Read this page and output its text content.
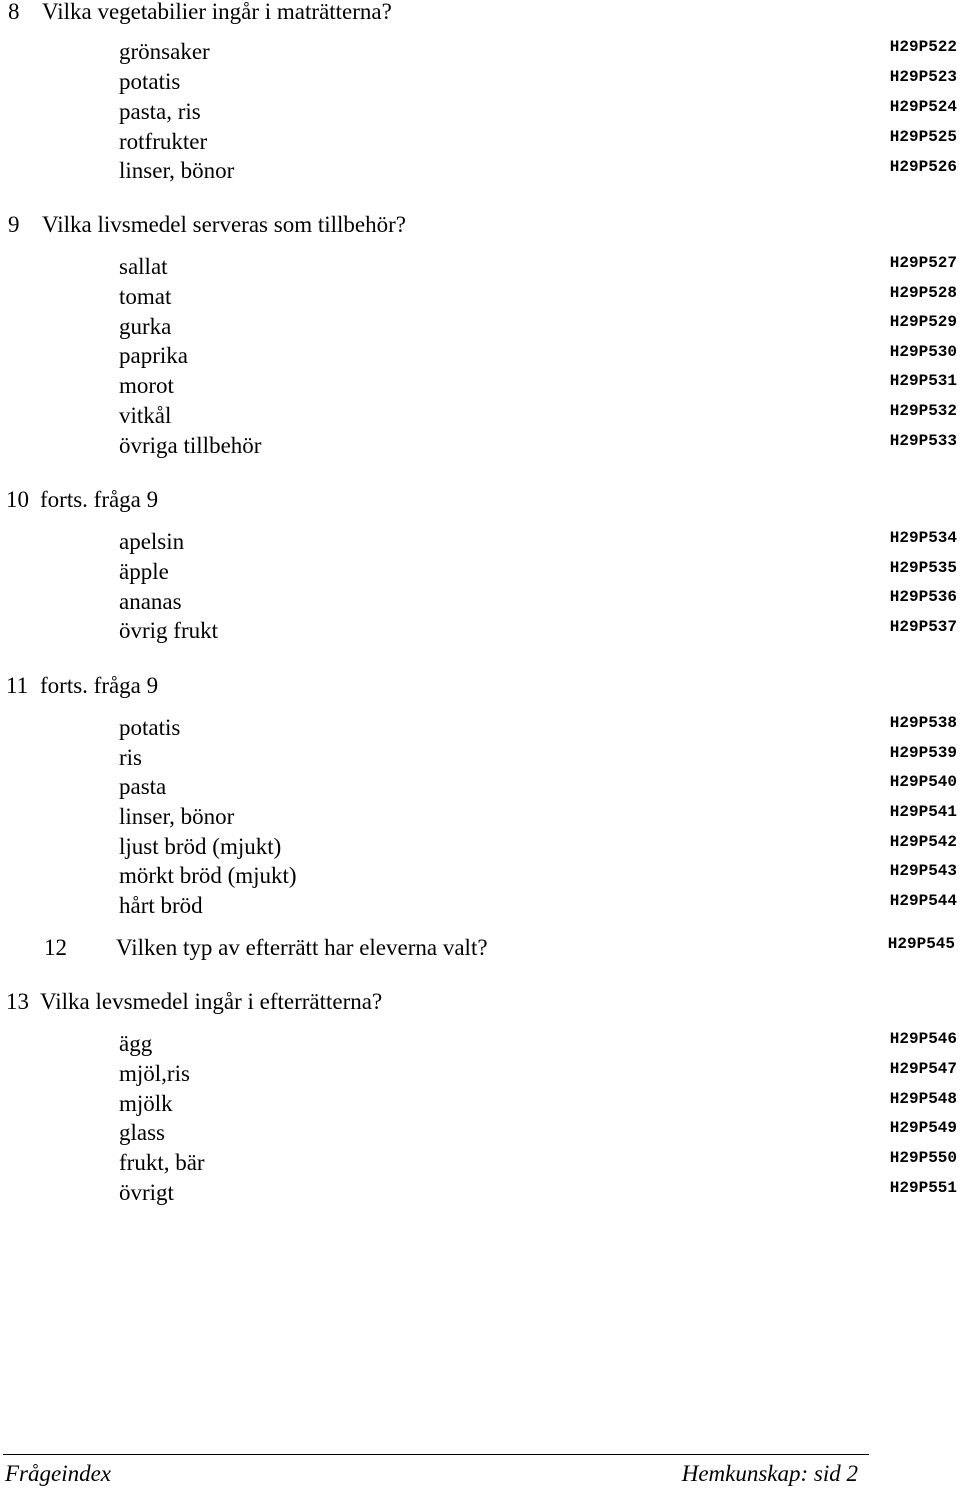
8 Vilka vegetabilier ingår i maträtterna?
grönsaker
potatis
pasta, ris
rotfrukter
linser, bönor
H29P522
H29P523
H29P524
H29P525
H29P526
9 Vilka livsmedel serveras som tillbehör?
sallat
tomat
gurka
paprika
morot
vitkål
övriga tillbehör
H29P527
H29P528
H29P529
H29P530
H29P531
H29P532
H29P533
10 forts. fråga 9
apelsin
äpple
ananas
övrig frukt
H29P534
H29P535
H29P536
H29P537
11 forts. fråga 9
potatis
ris
pasta
linser, bönor
ljust bröd (mjukt)
mörkt bröd (mjukt)
hårt bröd
H29P538
H29P539
H29P540
H29P541
H29P542
H29P543
H29P544
12 Vilken typ av efterrätt har eleverna valt?	H29P545
13 Vilka levsmedel ingår i efterrätterna?
ägg
mjöl,ris
mjölk
glass
frukt, bär
övrigt
H29P546
H29P547
H29P548
H29P549
H29P550
H29P551
Frågeindex	Hemkunskap: sid 2
